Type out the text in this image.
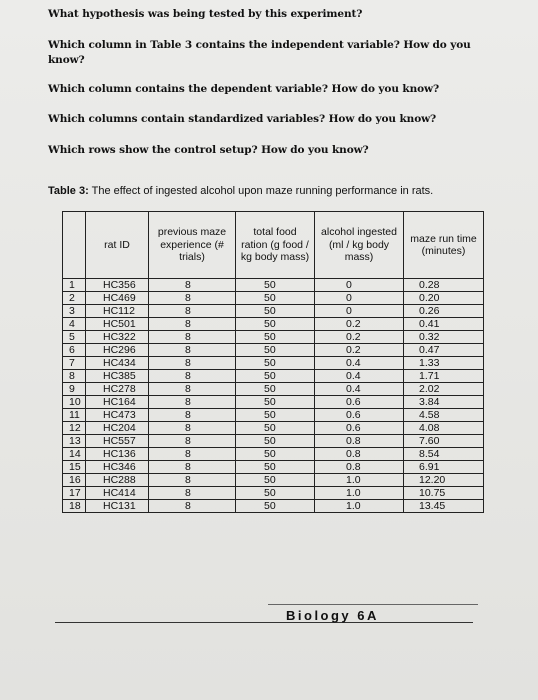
What hypothesis was being tested by this experiment?
Which column in Table 3 contains the independent variable? How do you know?
Which column contains the dependent variable? How do you know?
Which columns contain standardized variables? How do you know?
Which rows show the control setup? How do you know?
Table 3: The effect of ingested alcohol upon maze running performance in rats.
	rat ID	previous maze experience (# trials)	total food ration (g food / kg body mass)	alcohol ingested (ml / kg body mass)	maze run time (minutes)
1	HC356	8	50	0	0.28
2	HC469	8	50	0	0.20
3	HC112	8	50	0	0.26
4	HC501	8	50	0.2	0.41
5	HC322	8	50	0.2	0.32
6	HC296	8	50	0.2	0.47
7	HC434	8	50	0.4	1.33
8	HC385	8	50	0.4	1.71
9	HC278	8	50	0.4	2.02
10	HC164	8	50	0.6	3.84
11	HC473	8	50	0.6	4.58
12	HC204	8	50	0.6	4.08
13	HC557	8	50	0.8	7.60
14	HC136	8	50	0.8	8.54
15	HC346	8	50	0.8	6.91
16	HC288	8	50	1.0	12.20
17	HC414	8	50	1.0	10.75
18	HC131	8	50	1.0	13.45
Biology 6A
